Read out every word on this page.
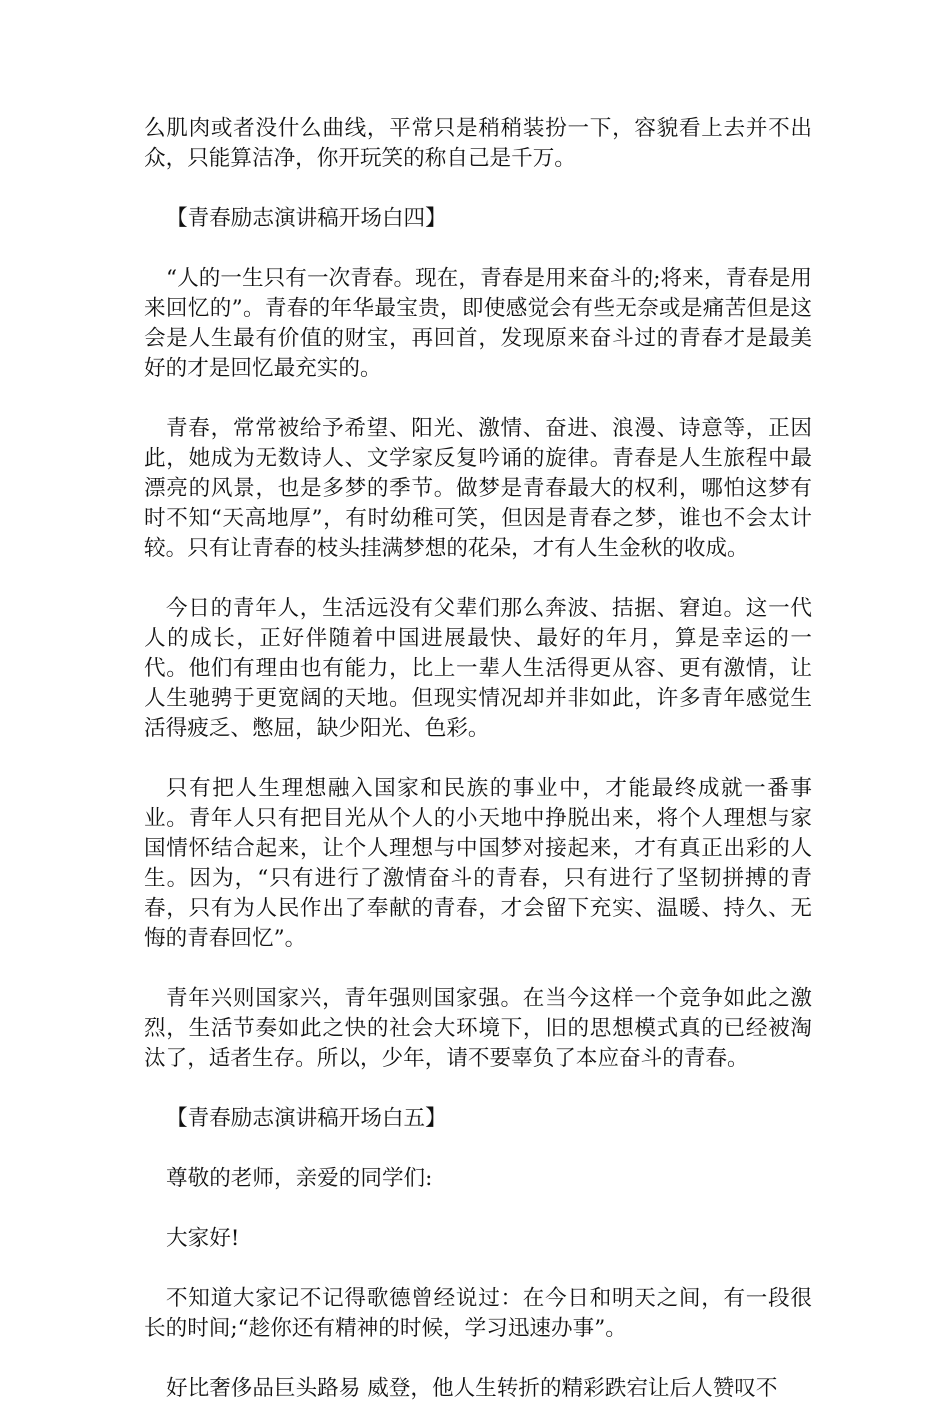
么肌肉或者没什么曲线，平常只是稍稍装扮一下，容貌看上去并不出众，只能算洁净，你开玩笑的称自己是千万。

【青春励志演讲稿开场白四】

“人的一生只有一次青春。现在，青春是用来奋斗的;将来，青春是用来回忆的”。青春的年华最宝贵，即使感觉会有些无奈或是痛苦但是这会是人生最有价值的财宝，再回首，发现原来奋斗过的青春才是最美好的才是回忆最充实的。

青春，常常被给予希望、阳光、激情、奋进、浪漫、诗意等，正因此，她成为无数诗人、文学家反复吟诵的旋律。青春是人生旅程中最漂亮的风景，也是多梦的季节。做梦是青春最大的权利，哪怕这梦有时不知“天高地厚”，有时幼稚可笑，但因是青春之梦，谁也不会太计较。只有让青春的枝头挂满梦想的花朵，才有人生金秋的收成。

今日的青年人，生活远没有父辈们那么奔波、拮据、窘迫。这一代人的成长，正好伴随着中国进展最快、最好的年月，算是幸运的一代。他们有理由也有能力，比上一辈人生活得更从容、更有激情，让人生驰骋于更宽阔的天地。但现实情况却并非如此，许多青年感觉生活得疲乏、憋屈，缺少阳光、色彩。

只有把人生理想融入国家和民族的事业中，才能最终成就一番事业。青年人只有把目光从个人的小天地中挣脱出来，将个人理想与家国情怀结合起来，让个人理想与中国梦对接起来，才有真正出彩的人生。因为，“只有进行了激情奋斗的青春，只有进行了坚韧拼搏的青春，只有为人民作出了奉献的青春，才会留下充实、温暖、持久、无悔的青春回忆”。

青年兴则国家兴，青年强则国家强。在当今这样一个竞争如此之激烈，生活节奏如此之快的社会大环境下，旧的思想模式真的已经被淘汰了，适者生存。所以，少年，请不要辜负了本应奋斗的青春。

【青春励志演讲稿开场白五】

尊敬的老师，亲爱的同学们:

大家好!

不知道大家记不记得歌德曾经说过：在今日和明天之间，有一段很长的时间;“趁你还有精神的时候，学习迅速办事”。

好比奢侈品巨头路易 威登，他人生转折的精彩跌宕让后人赞叹不
